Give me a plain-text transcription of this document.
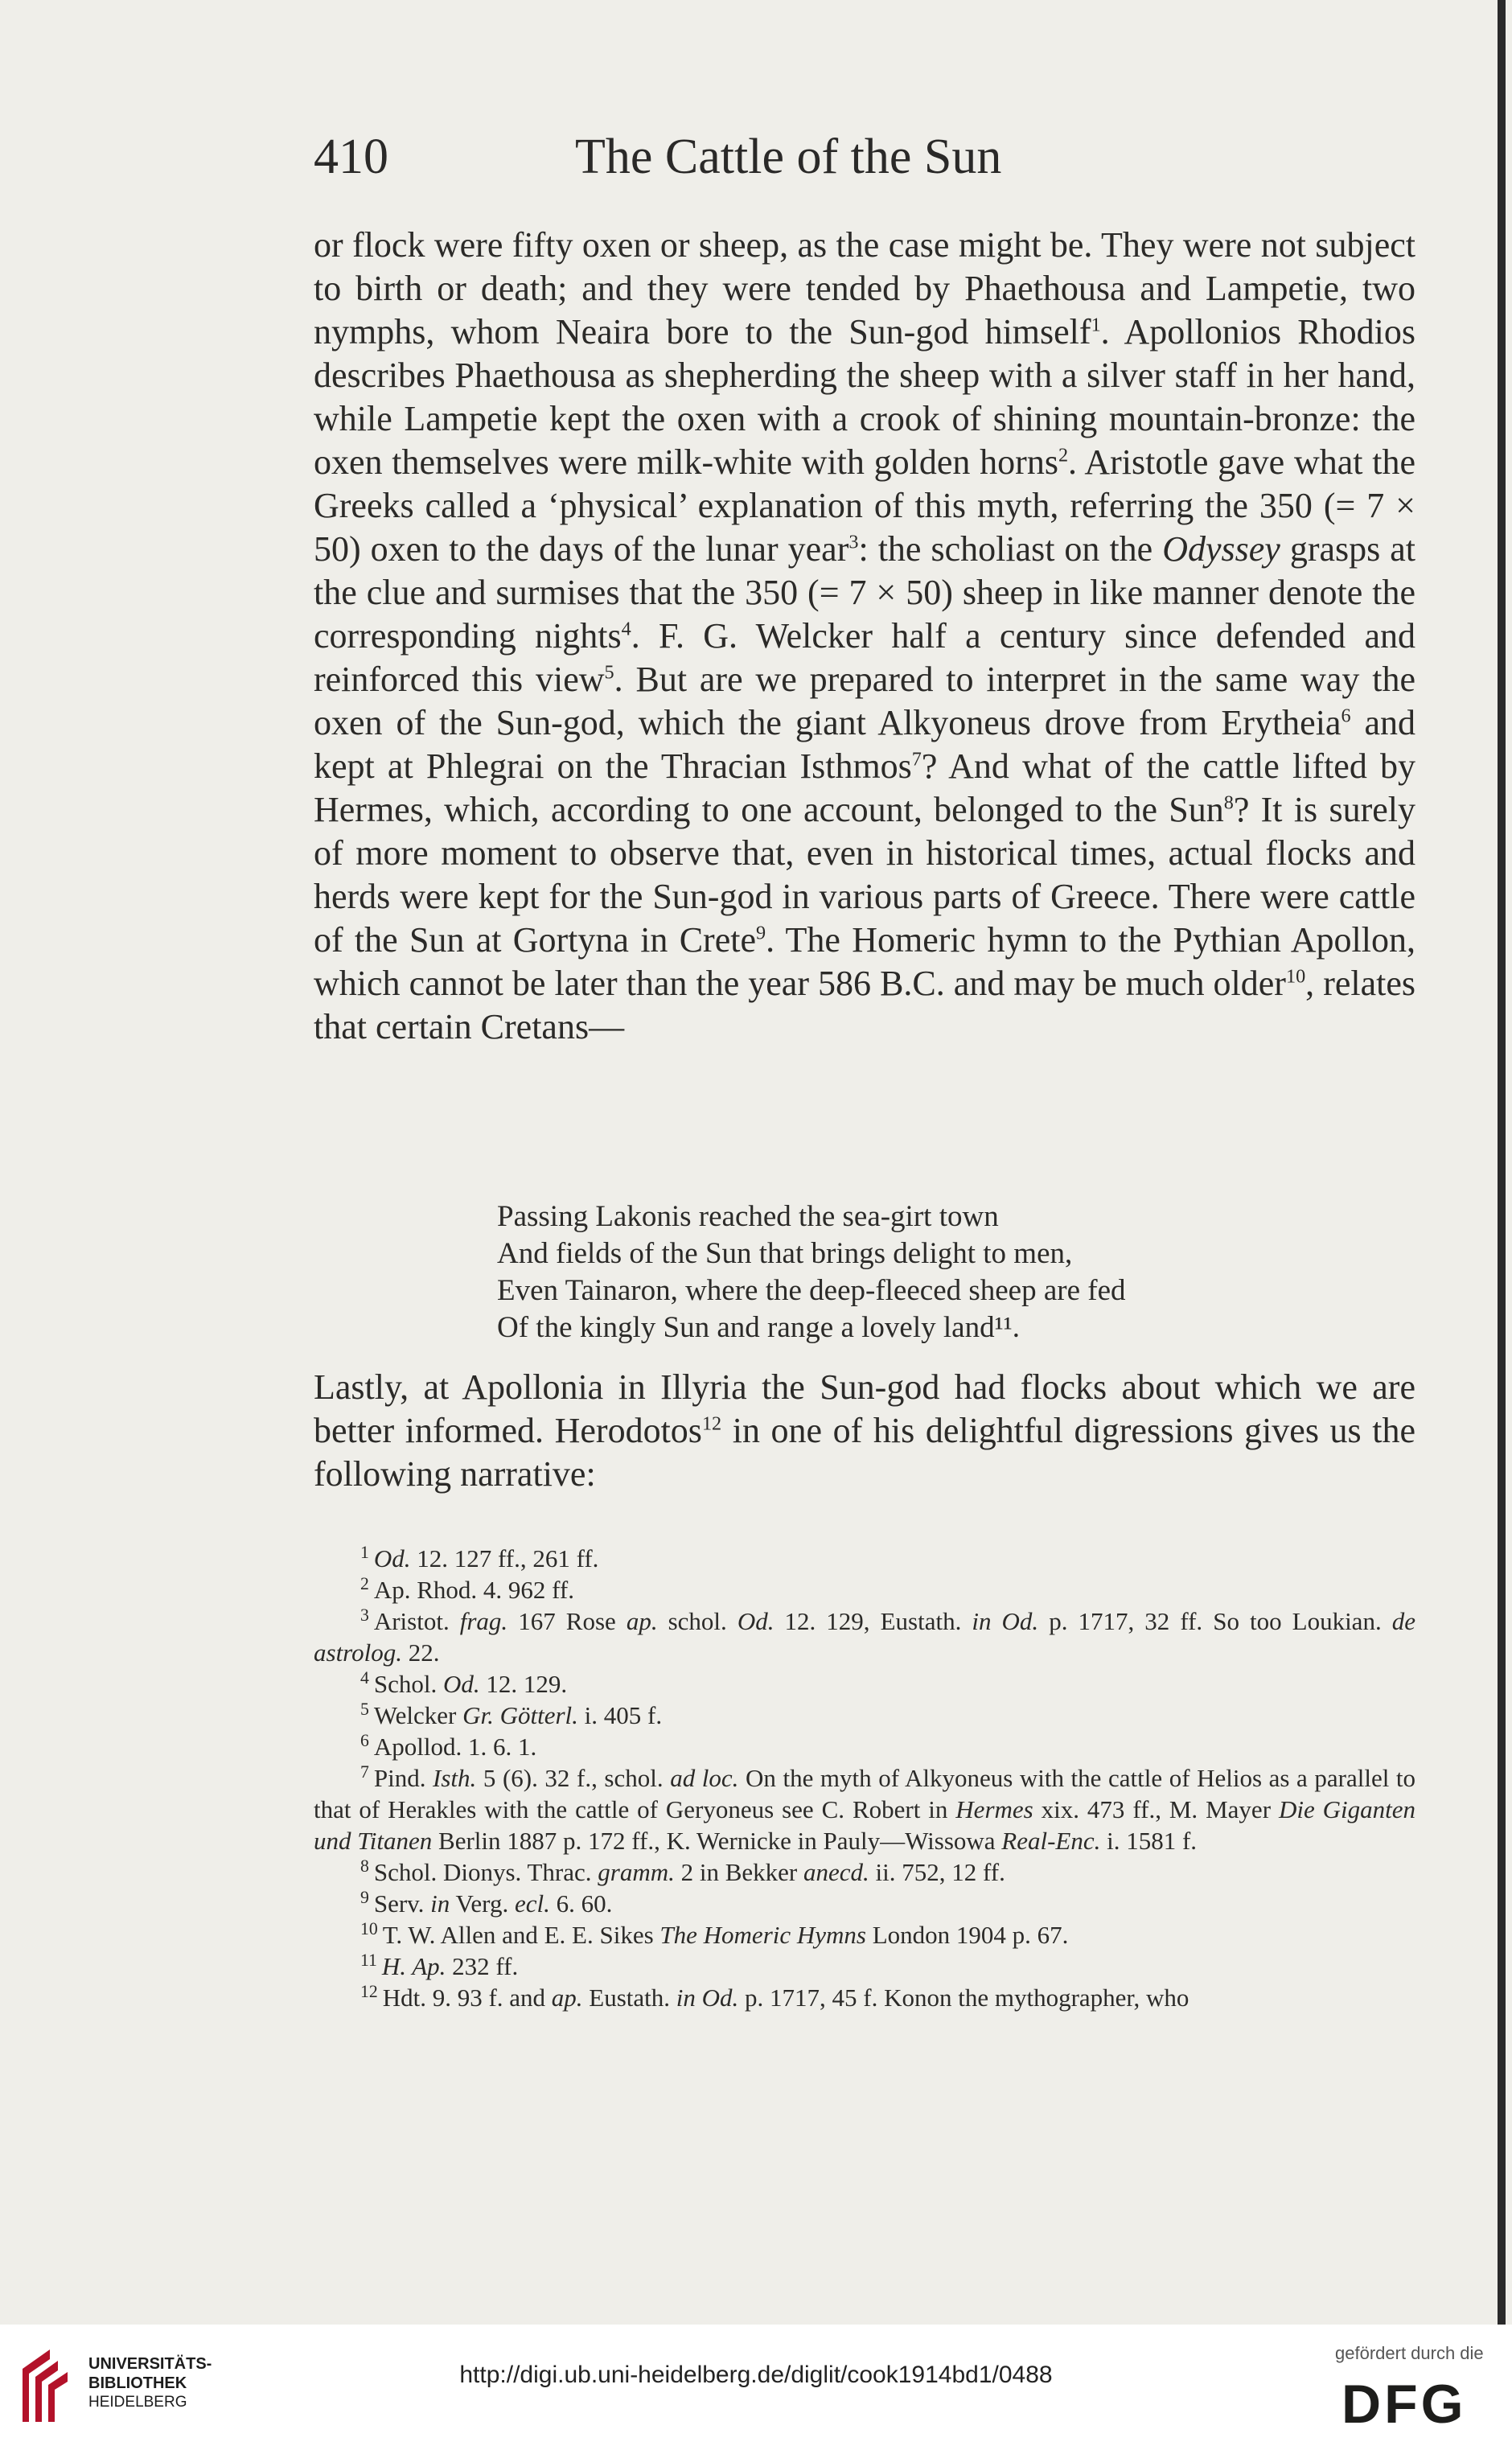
410	The Cattle of the Sun

or flock were fifty oxen or sheep, as the case might be. They were not subject to birth or death; and they were tended by Phaethousa and Lampetie, two nymphs, whom Neaira bore to the Sun-god himself$^1$. Apollonios Rhodios describes Phaethousa as shepherding the sheep with a silver staff in her hand, while Lampetie kept the oxen with a crook of shining mountain-bronze: the oxen themselves were milk-white with golden horns$^2$. Aristotle gave what the Greeks called a ‘physical’ explanation of this myth, referring the 350 (= 7 × 50) oxen to the days of the lunar year$^3$: the scholiast on the Odyssey grasps at the clue and surmises that the 350 (= 7 × 50) sheep in like manner denote the corresponding nights$^4$. F. G. Welcker half a century since defended and reinforced this view$^5$. But are we prepared to interpret in the same way the oxen of the Sun-god, which the giant Alkyoneus drove from Erytheia$^6$ and kept at Phlegrai on the Thracian Isthmos$^7$? And what of the cattle lifted by Hermes, which, according to one account, belonged to the Sun$^8$? It is surely of more moment to observe that, even in historical times, actual flocks and herds were kept for the Sun-god in various parts of Greece. There were cattle of the Sun at Gortyna in Crete$^9$. The Homeric hymn to the Pythian Apollon, which cannot be later than the year 586 B.C. and may be much older$^{10}$, relates that certain Cretans—

Passing Lakonis reached the sea-girt town
And fields of the Sun that brings delight to men,
Even Tainaron, where the deep-fleeced sheep are fed
Of the kingly Sun and range a lovely land¹¹.

Lastly, at Apollonia in Illyria the Sun-god had flocks about which we are better informed. Herodotos$^{12}$ in one of his delightful digressions gives us the following narrative:

$^1$ Od. 12. 127 ff., 261 ff.

$^2$ Ap. Rhod. 4. 962 ff.

$^3$ Aristot. frag. 167 Rose ap. schol. Od. 12. 129, Eustath. in Od. p. 1717, 32 ff. So too Loukian. de astrolog. 22.

$^4$ Schol. Od. 12. 129.

$^5$ Welcker Gr. Götterl. i. 405 f.

$^6$ Apollod. 1. 6. 1.

$^7$ Pind. Isth. 5 (6). 32 f., schol. ad loc. On the myth of Alkyoneus with the cattle of Helios as a parallel to that of Herakles with the cattle of Geryoneus see C. Robert in Hermes xix. 473 ff., M. Mayer Die Giganten und Titanen Berlin 1887 p. 172 ff., K. Wernicke in Pauly—Wissowa Real-Enc. i. 1581 f.

$^8$ Schol. Dionys. Thrac. gramm. 2 in Bekker anecd. ii. 752, 12 ff.

$^9$ Serv. in Verg. ecl. 6. 60.

$^{10}$ T. W. Allen and E. E. Sikes The Homeric Hymns London 1904 p. 67.

$^{11}$ H. Ap. 232 ff.

$^{12}$ Hdt. 9. 93 f. and ap. Eustath. in Od. p. 1717, 45 f. Konon the mythographer, who

UNIVERSITÄTS-
BIBLIOTHEK
HEIDELBERG
http://digi.ub.uni-heidelberg.de/diglit/cook1914bd1/0488
gefördert durch die
DFG
